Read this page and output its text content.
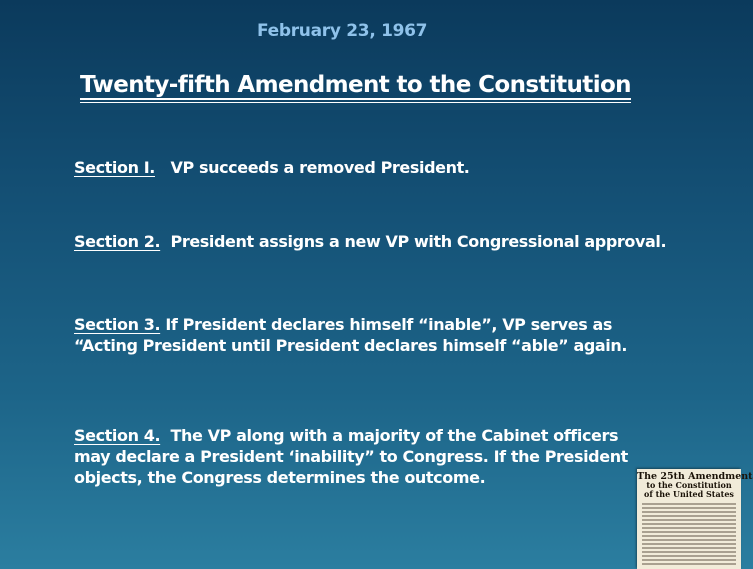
February 23, 1967
Twenty-fifth Amendment to the Constitution
Section I. VP succeeds a removed President.
Section 2. President assigns a new VP with Congressional approval.
Section 3. If President declares himself “inable”, VP serves as
“Acting President until President declares himself “able” again.
Section 4. The VP along with a majority of the Cabinet officers
may declare a President ‘inability” to Congress. If the President
objects, the Congress determines the outcome.	The 25th Amendment
to the Constitution
of the United States
